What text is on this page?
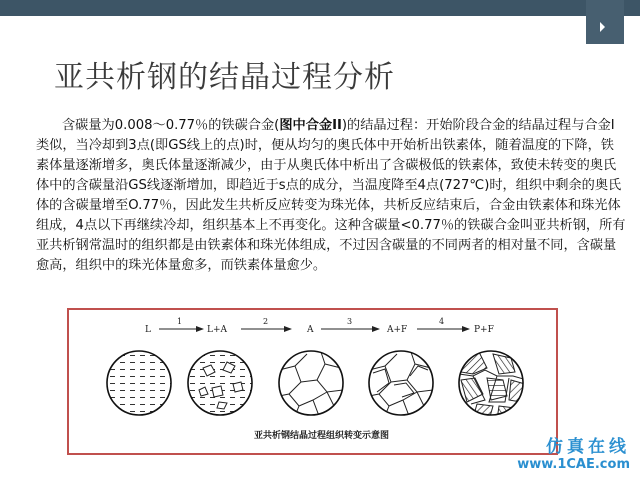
亚共析钢的结晶过程分析

含碳量为0.008～0.77％的铁碳合金(图中合金II)的结晶过程：开始阶段合金的结晶过程与合金Ⅰ类似，当冷却到3点(即GS线上的点)时，便从均匀的奥氏体中开始析出铁素体，随着温度的下降，铁素体量逐渐增多，奥氏体量逐渐减少，由于从奥氏体中析出了含碳极低的铁素体，致使未转变的奥氏体中的含碳量沿GS线逐渐增加，即趋近于s点的成分，当温度降至4点(727℃)时，组织中剩余的奥氏体的含碳量增至O.77％，因此发生共析反应转变为珠光体，共析反应结束后，合金由铁素体和珠光体组成，4点以下再继续冷却，组织基本上不再变化。这种含碳量<0.77％的铁碳合金叫亚共析钢，所有亚共析钢常温时的组织都是由铁素体和珠光体组成，不过因含碳量的不同两者的相对量不同，含碳量愈高，组织中的珠光体量愈多，而铁素体量愈少。

L
1
L+A
2
A
3
A+F
4
P+F
亚共析钢结晶过程组织转变示意图
仿真在线
www.1CAE.com
